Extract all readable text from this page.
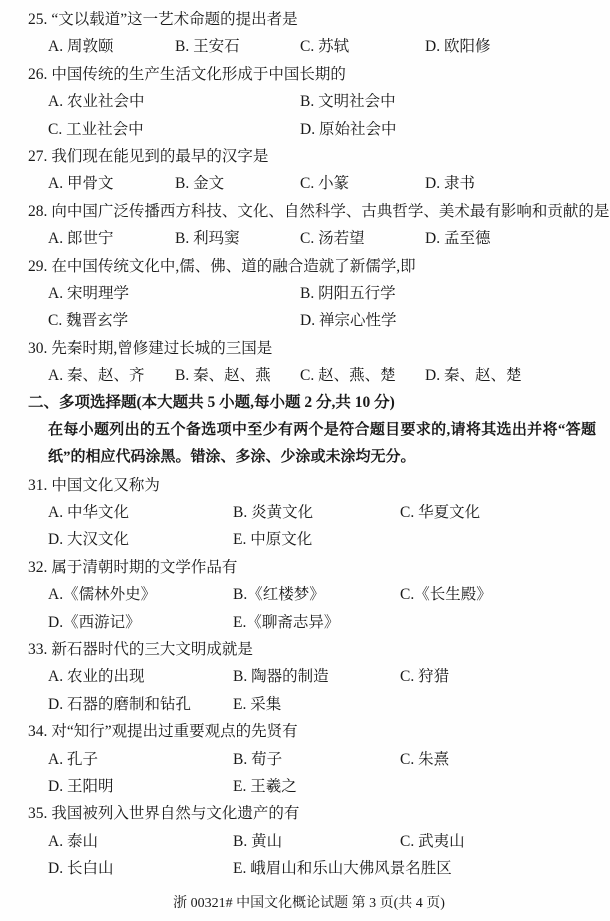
25. “文以载道”这一艺术命题的提出者是
A. 周敦颐	B. 王安石	C. 苏轼	D. 欧阳修
26. 中国传统的生产生活文化形成于中国长期的
A. 农业社会中	B. 文明社会中
C. 工业社会中	D. 原始社会中
27. 我们现在能见到的最早的汉字是
A. 甲骨文	B. 金文	C. 小篆	D. 隶书
28. 向中国广泛传播西方科技、文化、自然科学、古典哲学、美术最有影响和贡献的是
A. 郎世宁	B. 利玛窦	C. 汤若望	D. 孟至德
29. 在中国传统文化中,儒、佛、道的融合造就了新儒学,即
A. 宋明理学	B. 阴阳五行学
C. 魏晋玄学	D. 禅宗心性学
30. 先秦时期,曾修建过长城的三国是
A. 秦、赵、齐	B. 秦、赵、燕	C. 赵、燕、楚	D. 秦、赵、楚
二、多项选择题(本大题共 5 小题,每小题 2 分,共 10 分)
在每小题列出的五个备选项中至少有两个是符合题目要求的,请将其选出并将“答题纸”的相应代码涂黑。错涂、多涂、少涂或未涂均无分。
31. 中国文化又称为
A. 中华文化	B. 炎黄文化	C. 华夏文化
D. 大汉文化	E. 中原文化
32. 属于清朝时期的文学作品有
A.《儒林外史》	B.《红楼梦》	C.《长生殿》
D.《西游记》	E.《聊斋志异》
33. 新石器时代的三大文明成就是
A. 农业的出现	B. 陶器的制造	C. 狩猎
D. 石器的磨制和钻孔	E. 采集
34. 对“知行”观提出过重要观点的先贤有
A. 孔子	B. 荀子	C. 朱熹
D. 王阳明	E. 王羲之
35. 我国被列入世界自然与文化遗产的有
A. 泰山	B. 黄山	C. 武夷山
D. 长白山	E. 峨眉山和乐山大佛风景名胜区
浙 00321# 中国文化概论试题 第 3 页(共 4 页)
